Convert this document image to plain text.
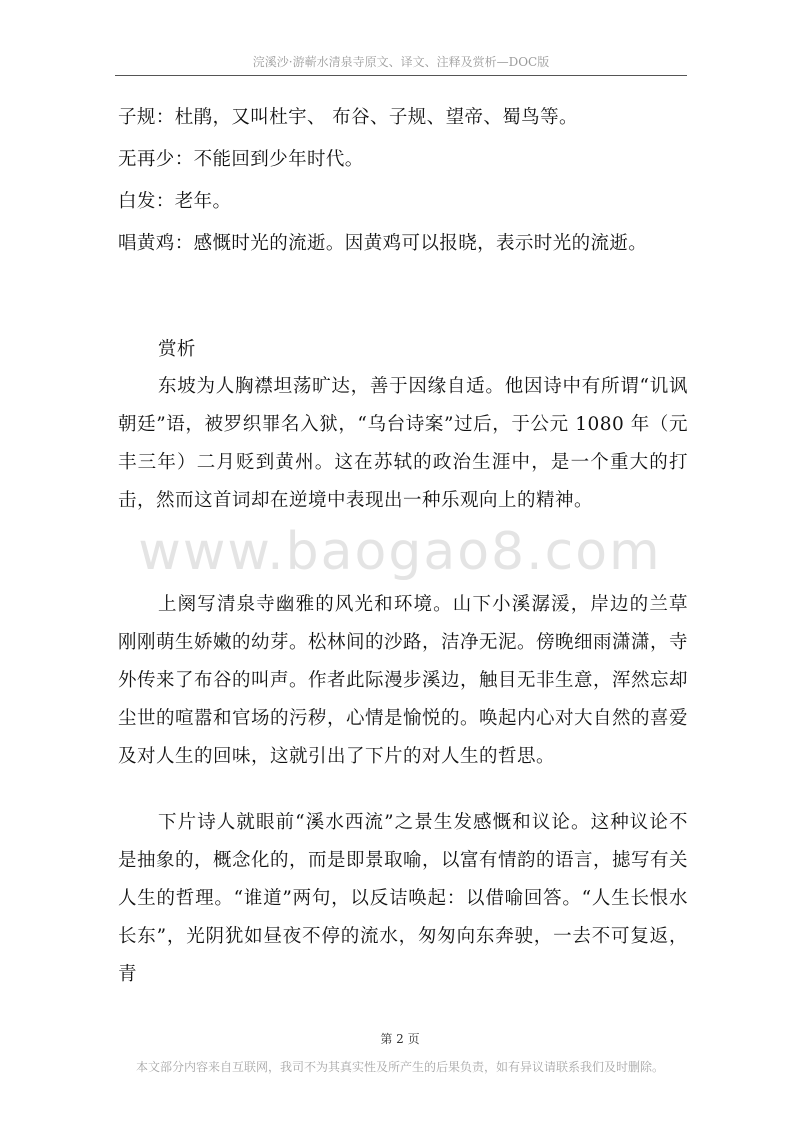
浣溪沙·游蕲水清泉寺原文、译文、注释及赏析—DOC版
子规：杜鹃，又叫杜宇、 布谷、子规、望帝、蜀鸟等。
无再少：不能回到少年时代。
白发：老年。
唱黄鸡：感慨时光的流逝。因黄鸡可以报晓，表示时光的流逝。
赏析

东坡为人胸襟坦荡旷达，善于因缘自适。他因诗中有所谓“讥讽朝廷”语，被罗织罪名入狱，“乌台诗案”过后，于公元 1080 年（元丰三年）二月贬到黄州。这在苏轼的政治生涯中，是一个重大的打击，然而这首词却在逆境中表现出一种乐观向上的精神。

www.baogao8.com

上阕写清泉寺幽雅的风光和环境。山下小溪潺湲，岸边的兰草刚刚萌生娇嫩的幼芽。松林间的沙路，洁净无泥。傍晚细雨潇潇，寺外传来了布谷的叫声。作者此际漫步溪边，触目无非生意，浑然忘却尘世的喧嚣和官场的污秽，心情是愉悦的。唤起内心对大自然的喜爱及对人生的回味，这就引出了下片的对人生的哲思。

下片诗人就眼前“溪水西流”之景生发感慨和议论。这种议论不是抽象的，概念化的，而是即景取喻，以富有情韵的语言，摅写有关人生的哲理。“谁道”两句，以反诘唤起：以借喻回答。“人生长恨水长东”，光阴犹如昼夜不停的流水，匆匆向东奔驶，一去不可复返，青

第 2 页
本文部分内容来自互联网，我司不为其真实性及所产生的后果负责，如有异议请联系我们及时删除。
